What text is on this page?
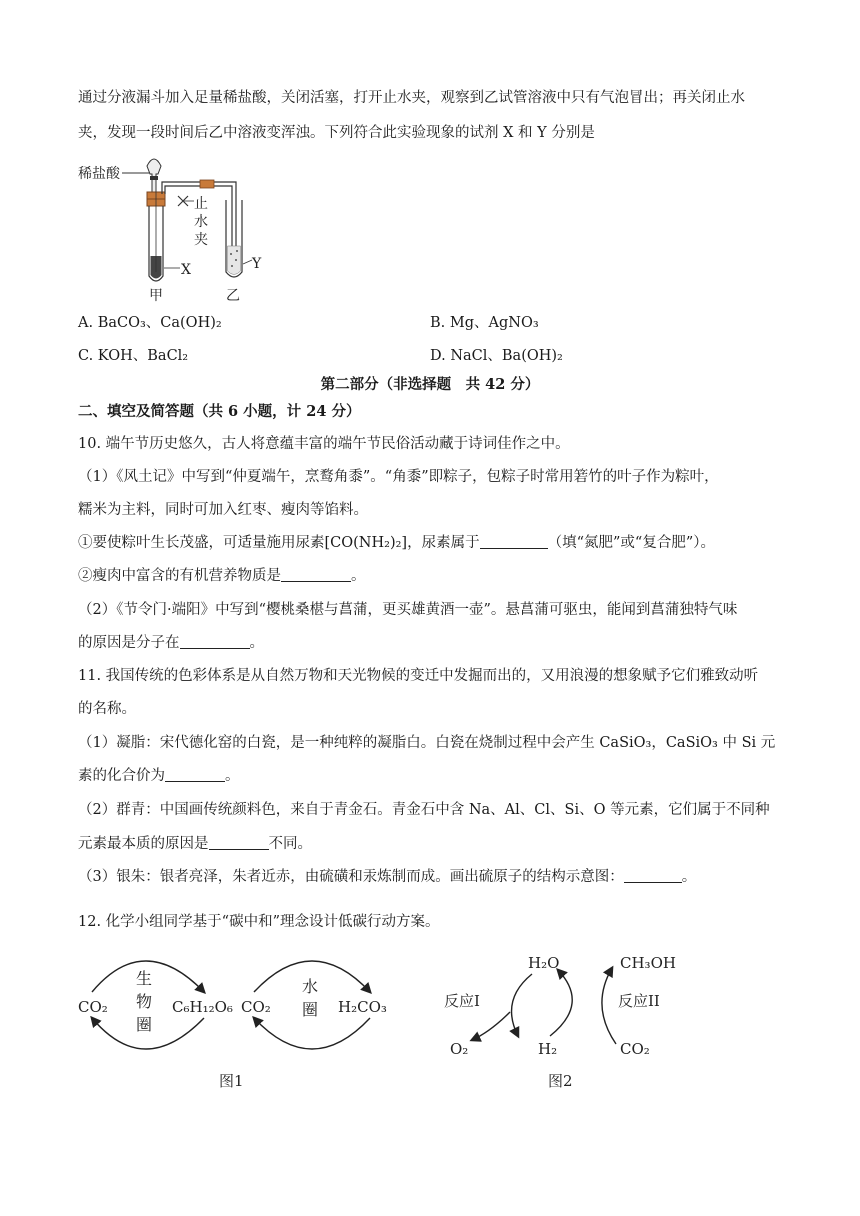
通过分液漏斗加入足量稀盐酸，关闭活塞，打开止水夹，观察到乙试管溶液中只有气泡冒出；再关闭止水
夹，发现一段时间后乙中溶液变浑浊。下列符合此实验现象的试剂 X 和 Y 分别是
稀盐酸
止
水
夹
X	Y
甲	乙
A. BaCO₃、Ca(OH)₂	B. Mg、AgNO₃
C. KOH、BaCl₂	D. NaCl、Ba(OH)₂
第二部分（非选择题　共 42 分）
二、填空及简答题（共 6 小题，计 24 分）
10. 端午节历史悠久，古人将意蕴丰富的端午节民俗活动藏于诗词佳作之中。
（1）《风土记》中写到“仲夏端午，烹鹜角黍”。“角黍”即粽子，包粽子时常用箬竹的叶子作为粽叶，
糯米为主料，同时可加入红枣、瘦肉等馅料。
①要使粽叶生长茂盛，可适量施用尿素[CO(NH₂)₂]，尿素属于	（填“氮肥”或“复合肥”）。
②瘦肉中富含的有机营养物质是	。
（2）《节令门·端阳》中写到“樱桃桑椹与菖蒲，更买雄黄酒一壶”。悬菖蒲可驱虫，能闻到菖蒲独特气味
的原因是分子在	。
11. 我国传统的色彩体系是从自然万物和天光物候的变迁中发掘而出的，又用浪漫的想象赋予它们雅致动听
的名称。
（1）凝脂：宋代德化窑的白瓷，是一种纯粹的凝脂白。白瓷在烧制过程中会产生 CaSiO₃，CaSiO₃ 中 Si 元
素的化合价为	。
（2）群青：中国画传统颜料色，来自于青金石。青金石中含 Na、Al、Cl、Si、O 等元素，它们属于不同种
元素最本质的原因是	不同。
（3）银朱：银者亮泽，朱者近赤，由硫磺和汞炼制而成。画出硫原子的结构示意图：	。
12. 化学小组同学基于“碳中和”理念设计低碳行动方案。
生
物
圈
CO₂	C₆H₁₂O₆
水
圈
CO₂	H₂CO₃
图1
H₂O	CH₃OH
反应I	反应II
O₂	H₂	CO₂
图2
